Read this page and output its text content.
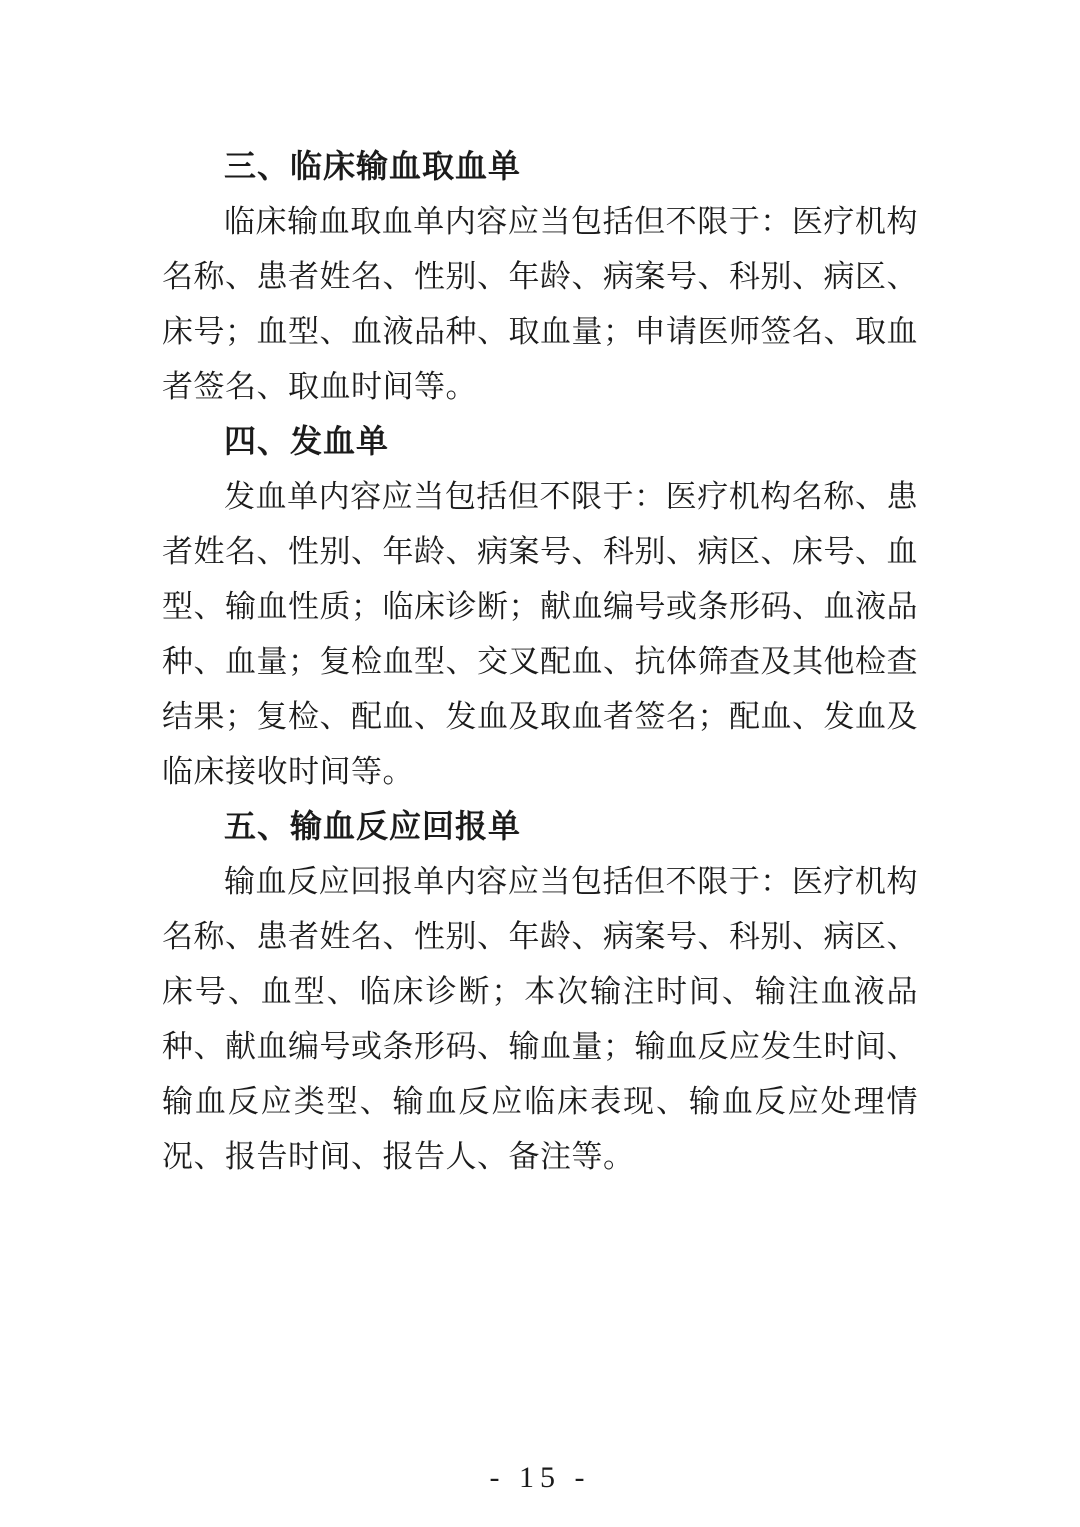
三、临床输血取血单

临床输血取血单内容应当包括但不限于：医疗机构名称、患者姓名、性别、年龄、病案号、科别、病区、床号；血型、血液品种、取血量；申请医师签名、取血者签名、取血时间等。

四、发血单

发血单内容应当包括但不限于：医疗机构名称、患者姓名、性别、年龄、病案号、科别、病区、床号、血型、输血性质；临床诊断；献血编号或条形码、血液品种、血量；复检血型、交叉配血、抗体筛查及其他检查结果；复检、配血、发血及取血者签名；配血、发血及临床接收时间等。

五、输血反应回报单

输血反应回报单内容应当包括但不限于：医疗机构名称、患者姓名、性别、年龄、病案号、科别、病区、床号、血型、临床诊断；本次输注时间、输注血液品种、献血编号或条形码、输血量；输血反应发生时间、输血反应类型、输血反应临床表现、输血反应处理情况、报告时间、报告人、备注等。

- 15 -
